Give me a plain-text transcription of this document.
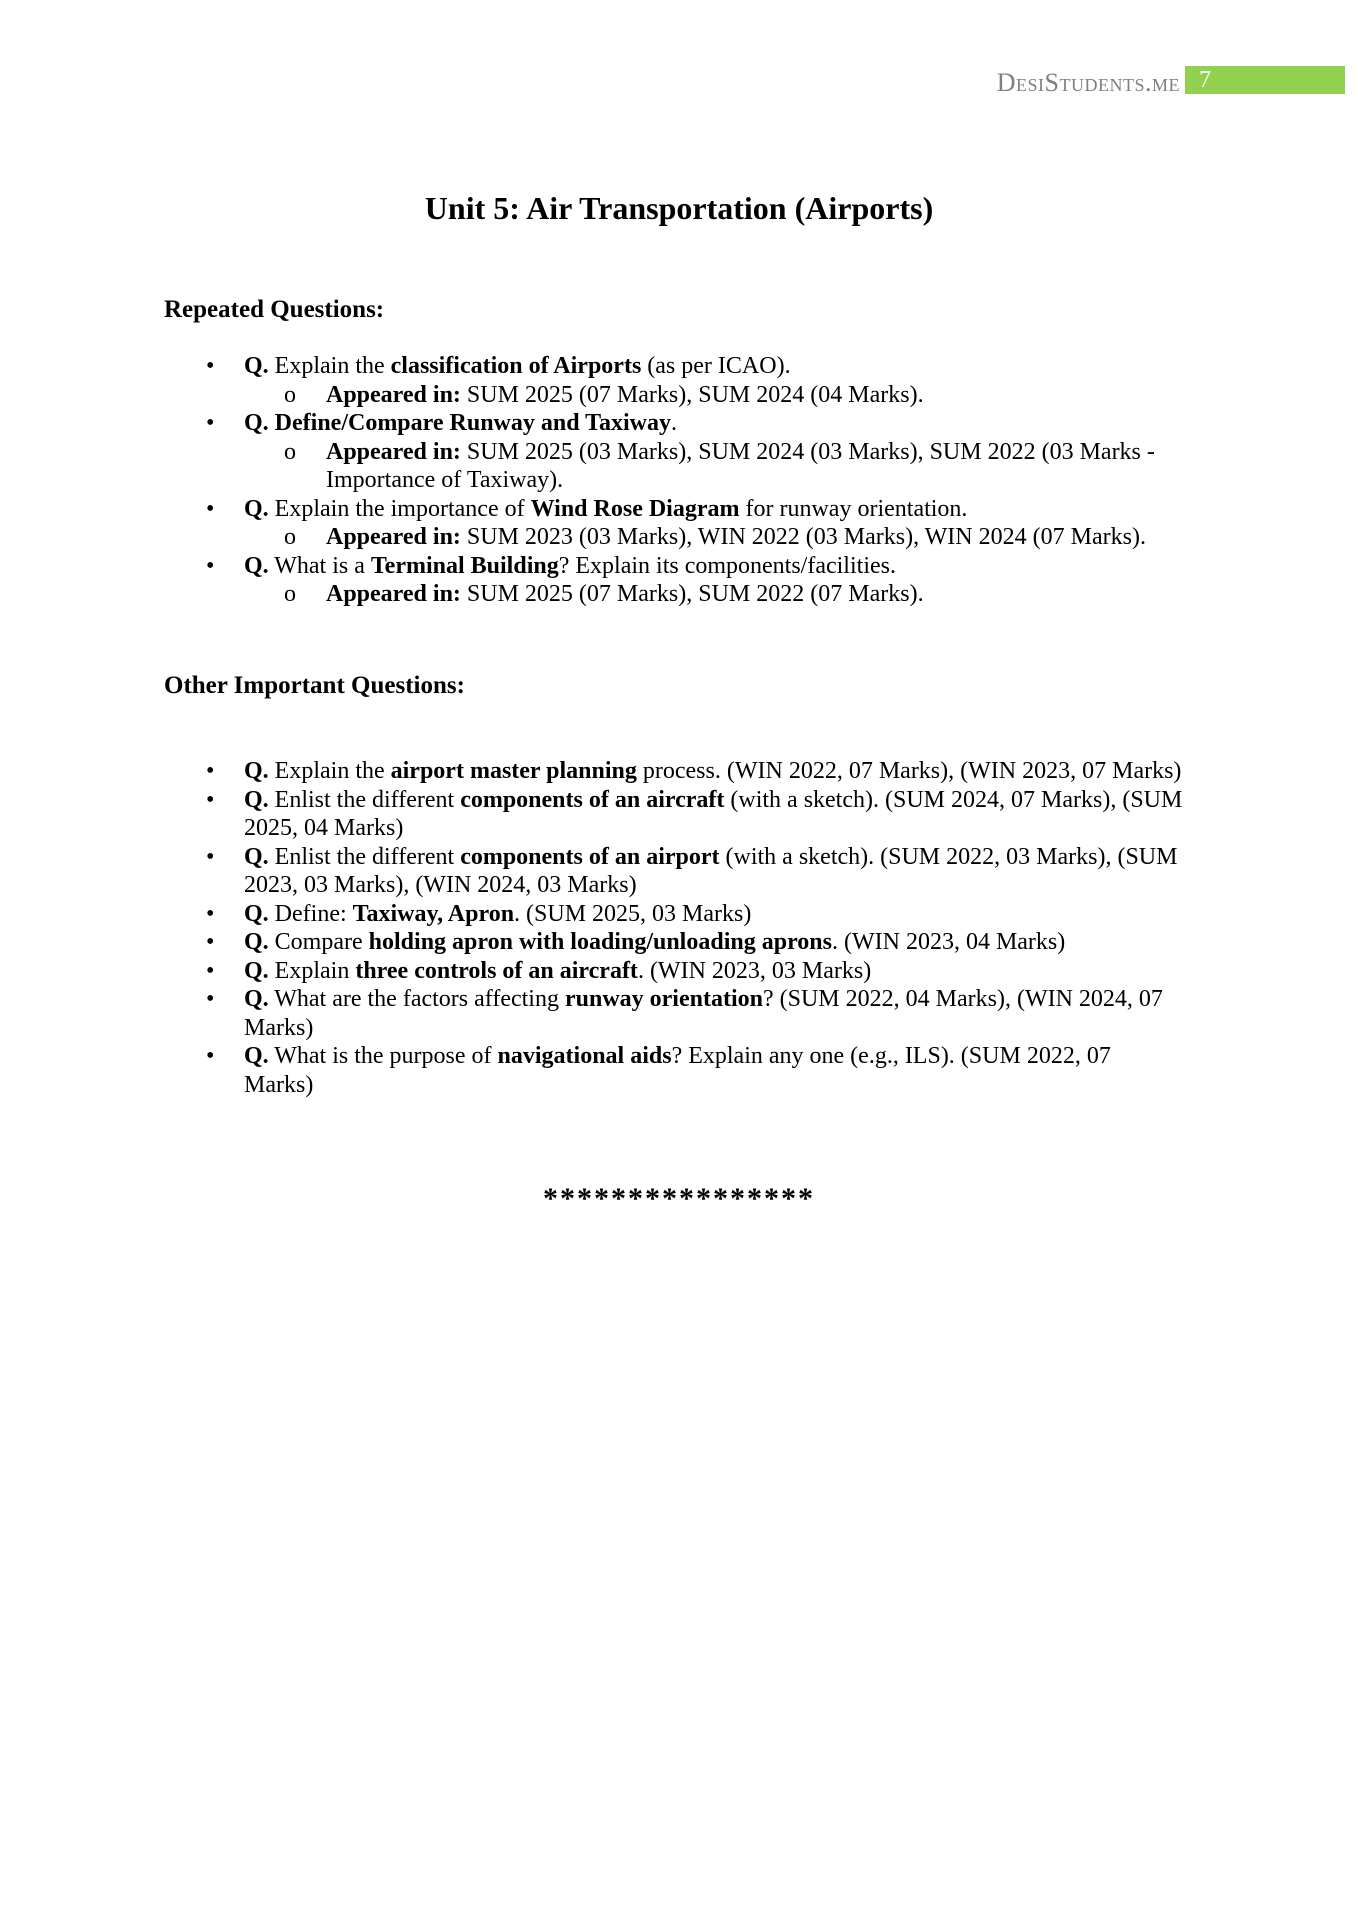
DesiStudents.me 7
Unit 5: Air Transportation (Airports)
Repeated Questions:
• Q. Explain the classification of Airports (as per ICAO).
o Appeared in: SUM 2025 (07 Marks), SUM 2024 (04 Marks).
• Q. Define/Compare Runway and Taxiway.
o Appeared in: SUM 2025 (03 Marks), SUM 2024 (03 Marks), SUM 2022 (03 Marks - Importance of Taxiway).
• Q. Explain the importance of Wind Rose Diagram for runway orientation.
o Appeared in: SUM 2023 (03 Marks), WIN 2022 (03 Marks), WIN 2024 (07 Marks).
• Q. What is a Terminal Building? Explain its components/facilities.
o Appeared in: SUM 2025 (07 Marks), SUM 2022 (07 Marks).
Other Important Questions:
• Q. Explain the airport master planning process. (WIN 2022, 07 Marks), (WIN 2023, 07 Marks)
• Q. Enlist the different components of an aircraft (with a sketch). (SUM 2024, 07 Marks), (SUM 2025, 04 Marks)
• Q. Enlist the different components of an airport (with a sketch). (SUM 2022, 03 Marks), (SUM 2023, 03 Marks), (WIN 2024, 03 Marks)
• Q. Define: Taxiway, Apron. (SUM 2025, 03 Marks)
• Q. Compare holding apron with loading/unloading aprons. (WIN 2023, 04 Marks)
• Q. Explain three controls of an aircraft. (WIN 2023, 03 Marks)
• Q. What are the factors affecting runway orientation? (SUM 2022, 04 Marks), (WIN 2024, 07 Marks)
• Q. What is the purpose of navigational aids? Explain any one (e.g., ILS). (SUM 2022, 07 Marks)
****************
